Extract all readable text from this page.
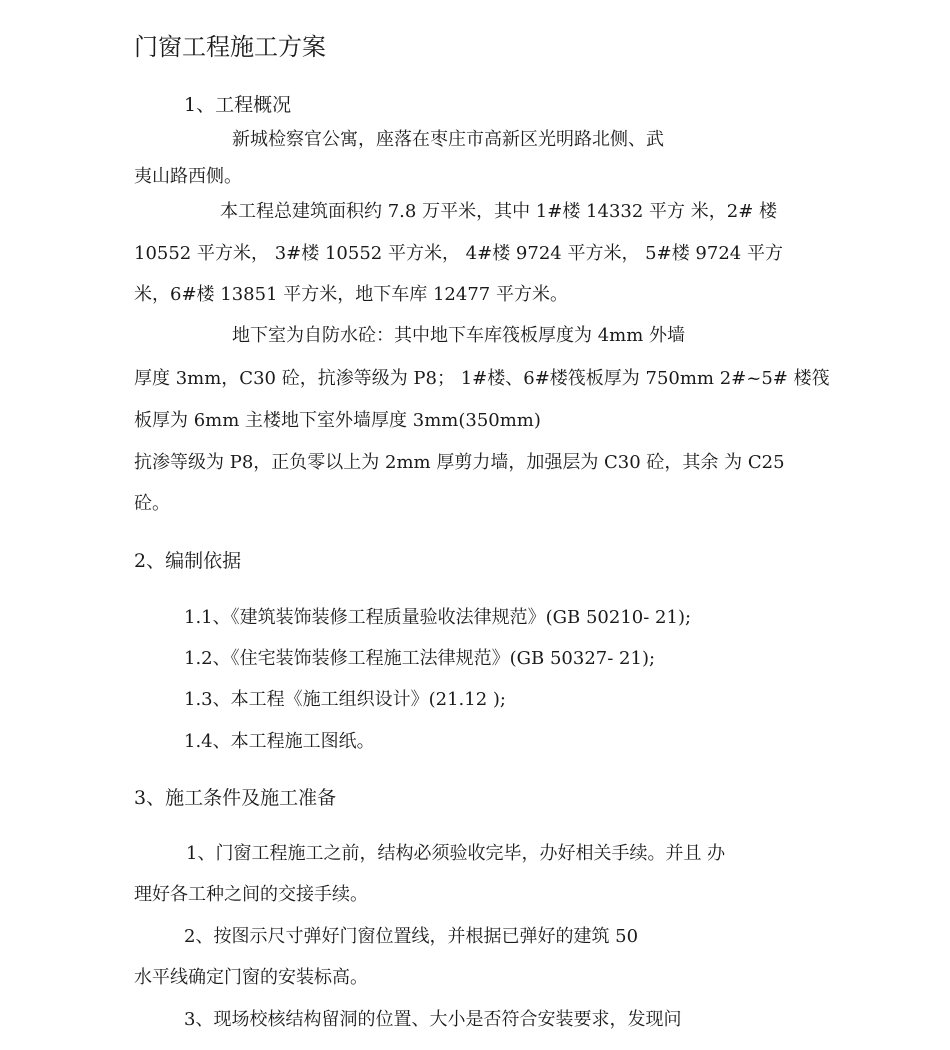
门窗工程施工方案
1、工程概况
新城检察官公寓，座落在枣庄市高新区光明路北侧、武
夷山路西侧。
本工程总建筑面积约 7.8 万平米，其中 1#楼 14332 平方 米，2# 楼
10552 平方米， 3#楼 10552 平方米， 4#楼 9724 平方米， 5#楼 9724 平方
米，6#楼 13851 平方米，地下车库 12477 平方米。
地下室为自防水砼：其中地下车库筏板厚度为 4mm 外墙
厚度 3mm，C30 砼，抗渗等级为 P8； 1#楼、6#楼筏板厚为 750mm 2#~5# 楼筏
板厚为 6mm 主楼地下室外墙厚度 3mm(350mm)
抗渗等级为 P8，正负零以上为 2mm 厚剪力墙，加强层为 C30 砼，其余 为 C25
砼。
2、编制依据
1.1、《建筑装饰装修工程质量验收法律规范》(GB 50210- 21);
1.2、《住宅装饰装修工程施工法律规范》(GB 50327- 21);
1.3、本工程《施工组织设计》(21.12 );
1.4、本工程施工图纸。
3、施工条件及施工准备
1、门窗工程施工之前，结构必须验收完毕，办好相关手续。并且 办
理好各工种之间的交接手续。
2、按图示尺寸弹好门窗位置线，并根据已弹好的建筑 50
水平线确定门窗的安装标高。
3、现场校核结构留洞的位置、大小是否符合安装要求，发现问
